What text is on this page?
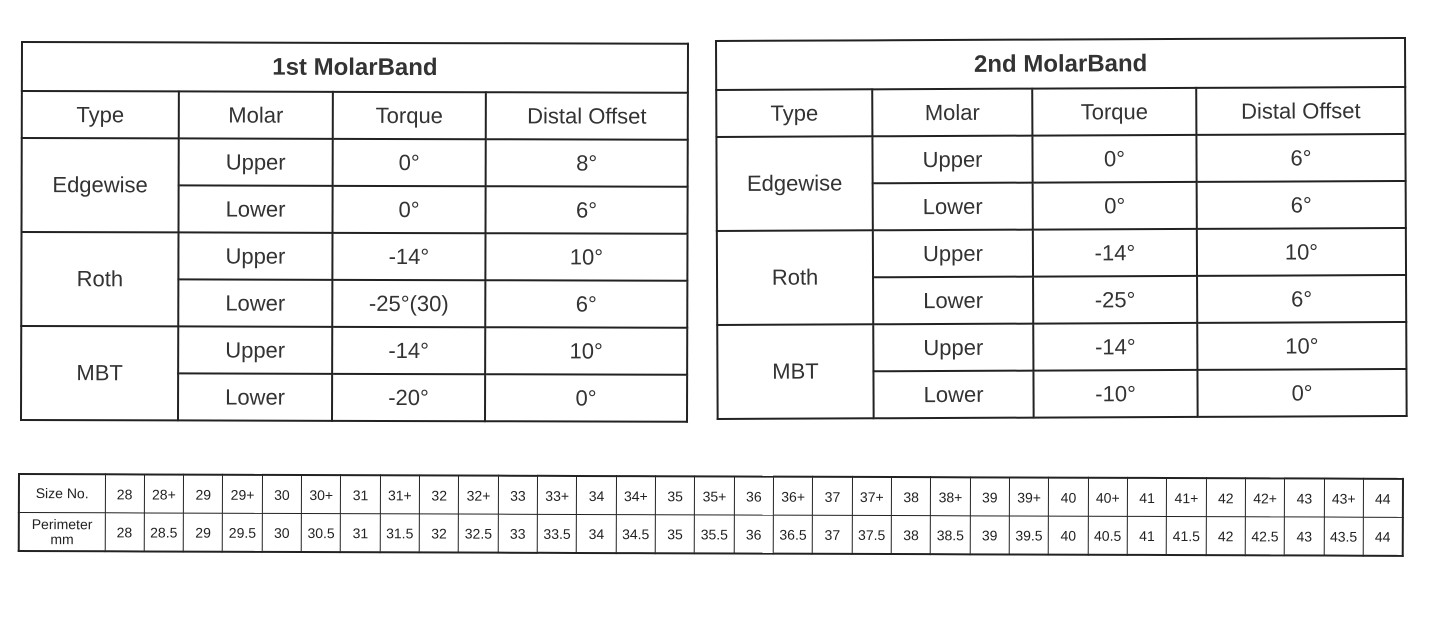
1st MolarBand			
Type	Molar	Torque	Distal Offset
Edgewise	Upper	0°	8°
	Lower	0°	6°
Roth	Upper	-14°	10°
	Lower	-25°(30)	6°
MBT	Upper	-14°	10°
	Lower	-20°	0°
2nd MolarBand			
Type	Molar	Torque	Distal Offset
Edgewise	Upper	0°	6°
	Lower	0°	6°
Roth	Upper	-14°	10°
	Lower	-25°	6°
MBT	Upper	-14°	10°
	Lower	-10°	0°
Size No.	28	28+	29	29+	30	30+	31	31+	32	32+	33	33+	34	34+	35	35+	36	36+	37	37+	38	38+	39	39+	40	40+	41	41+	42	42+	43	43+	44
Perimeter
mm	28	28.5	29	29.5	30	30.5	31	31.5	32	32.5	33	33.5	34	34.5	35	35.5	36	36.5	37	37.5	38	38.5	39	39.5	40	40.5	41	41.5	42	42.5	43	43.5	44
